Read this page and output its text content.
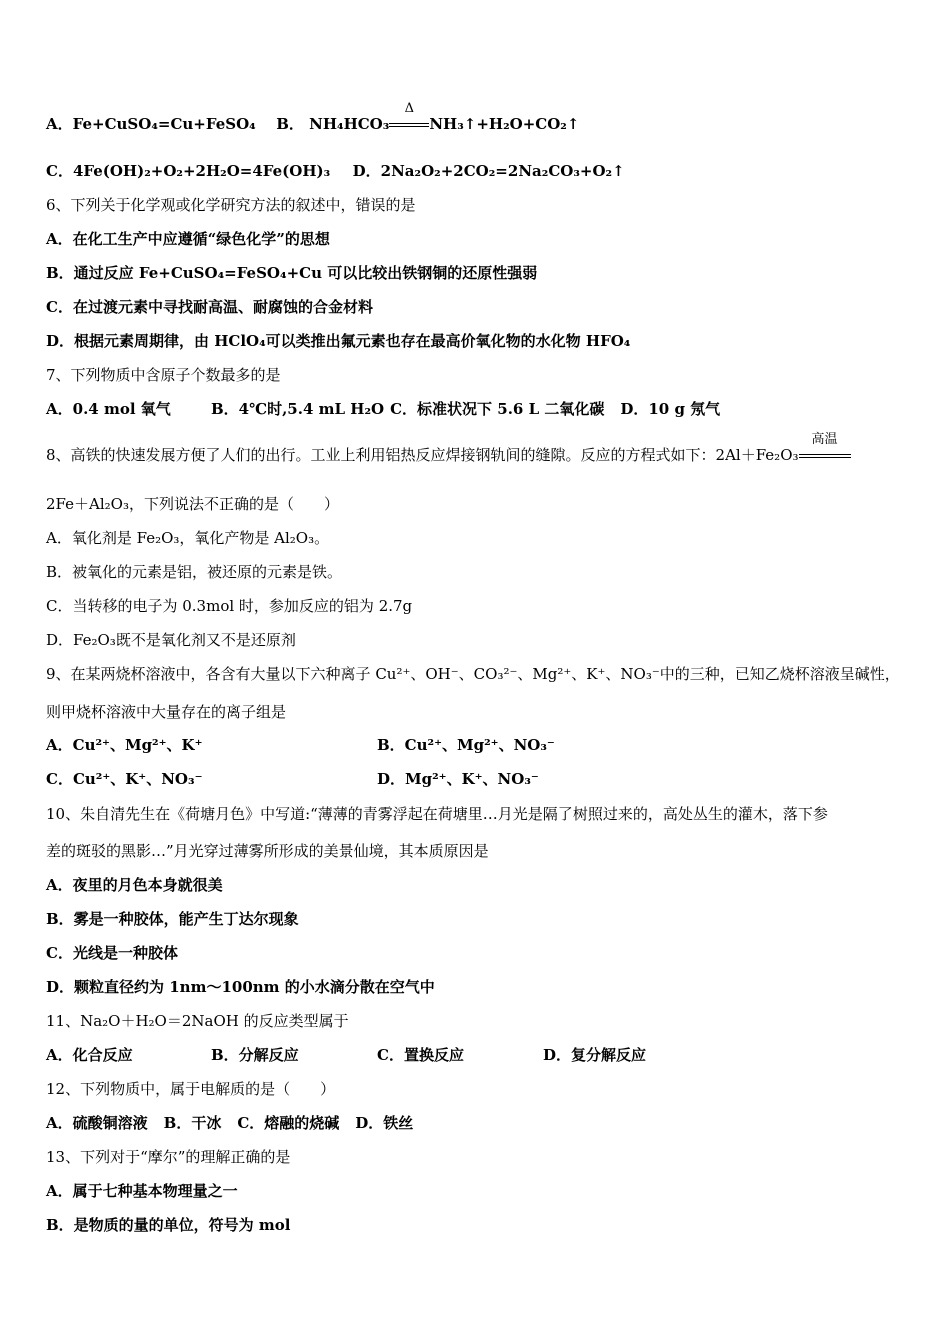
A．Fe+CuSO₄=Cu+FeSO₄ B． NH₄HCO₃
Δ
NH₃↑+H₂O+CO₂↑
C．4Fe(OH)₂+O₂+2H₂O=4Fe(OH)₃ D．2Na₂O₂+2CO₂=2Na₂CO₃+O₂↑
6、下列关于化学观或化学研究方法的叙述中，错误的是
A．在化工生产中应遵循“绿色化学”的思想
B．通过反应 Fe+CuSO₄=FeSO₄+Cu 可以比较出铁钢铜的还原性强弱
C．在过渡元素中寻找耐高温、耐腐蚀的合金材料
D．根据元素周期律，由 HClO₄可以类推出氟元素也存在最高价氧化物的水化物 HFO₄
7、下列物质中含原子个数最多的是
A．0.4 mol 氧气	B．4℃时,5.4 mL H₂O C．标准状况下 5.6 L 二氧化碳 D．10 g 氖气
8、高铁的快速发展方便了人们的出行。工业上利用铝热反应焊接钢轨间的缝隙。反应的方程式如下：2Al＋Fe₂O₃
高温
2Fe＋Al₂O₃，下列说法不正确的是（　　）
A．氧化剂是 Fe₂O₃，氧化产物是 Al₂O₃。
B．被氧化的元素是铝，被还原的元素是铁。
C．当转移的电子为 0.3mol 时，参加反应的铝为 2.7g
D．Fe₂O₃既不是氧化剂又不是还原剂
9、在某两烧杯溶液中，各含有大量以下六种离子 Cu²⁺、OH⁻、CO₃²⁻、Mg²⁺、K⁺、NO₃⁻中的三种，已知乙烧杯溶液呈碱性，
则甲烧杯溶液中大量存在的离子组是
A．Cu²⁺、Mg²⁺、K⁺	B．Cu²⁺、Mg²⁺、NO₃⁻
C．Cu²⁺、K⁺、NO₃⁻	D．Mg²⁺、K⁺、NO₃⁻
10、朱自清先生在《荷塘月色》中写道:“薄薄的青雾浮起在荷塘里…月光是隔了树照过来的，高处丛生的灌木，落下参
差的斑驳的黑影…”月光穿过薄雾所形成的美景仙境，其本质原因是
A．夜里的月色本身就很美
B．雾是一种胶体，能产生丁达尔现象
C．光线是一种胶体
D．颗粒直径约为 1nm～100nm 的小水滴分散在空气中
11、Na₂O＋H₂O＝2NaOH 的反应类型属于
A．化合反应	B．分解反应	C．置换反应	D．复分解反应
12、下列物质中，属于电解质的是（　　）
A．硫酸铜溶液 B．干冰 C．熔融的烧碱 D．铁丝
13、下列对于“摩尔”的理解正确的是
A．属于七种基本物理量之一
B．是物质的量的单位，符号为 mol
